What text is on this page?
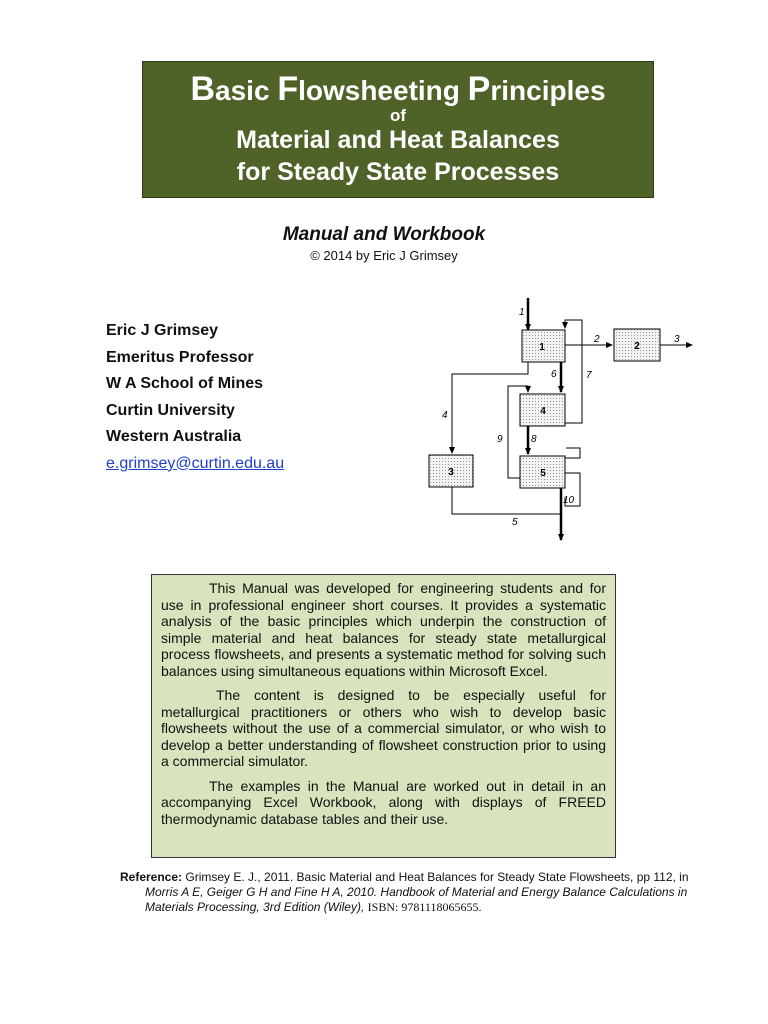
Basic Flowsheeting Principles
of
Material and Heat Balances
for Steady State Processes
Manual and Workbook
© 2014 by Eric J Grimsey
Eric J Grimsey
Emeritus Professor
W A School of Mines
Curtin University
Western Australia
e.grimsey@curtin.edu.au
1	2
3
4
5
1
2	3
4
5
6	7
8
9
10

This Manual was developed for engineering students and for use in professional engineer short courses. It provides a systematic analysis of the basic principles which underpin the construction of simple material and heat balances for steady state metallurgical process flowsheets, and presents a systematic method for solving such balances using simultaneous equations within Microsoft Excel.

The content is designed to be especially useful for metallurgical practitioners or others who wish to develop basic flowsheets without the use of a commercial simulator, or who wish to develop a better understanding of flowsheet construction prior to using a commercial simulator.

The examples in the Manual are worked out in detail in an accompanying Excel Workbook, along with displays of FREED thermodynamic database tables and their use.

Reference: Grimsey E. J., 2011. Basic Material and Heat Balances for Steady State Flowsheets, pp 112, in
Morris A E, Geiger G H and Fine H A, 2010. Handbook of Material and Energy Balance Calculations in Materials Processing, 3rd Edition (Wiley), ISBN: 9781118065655.
